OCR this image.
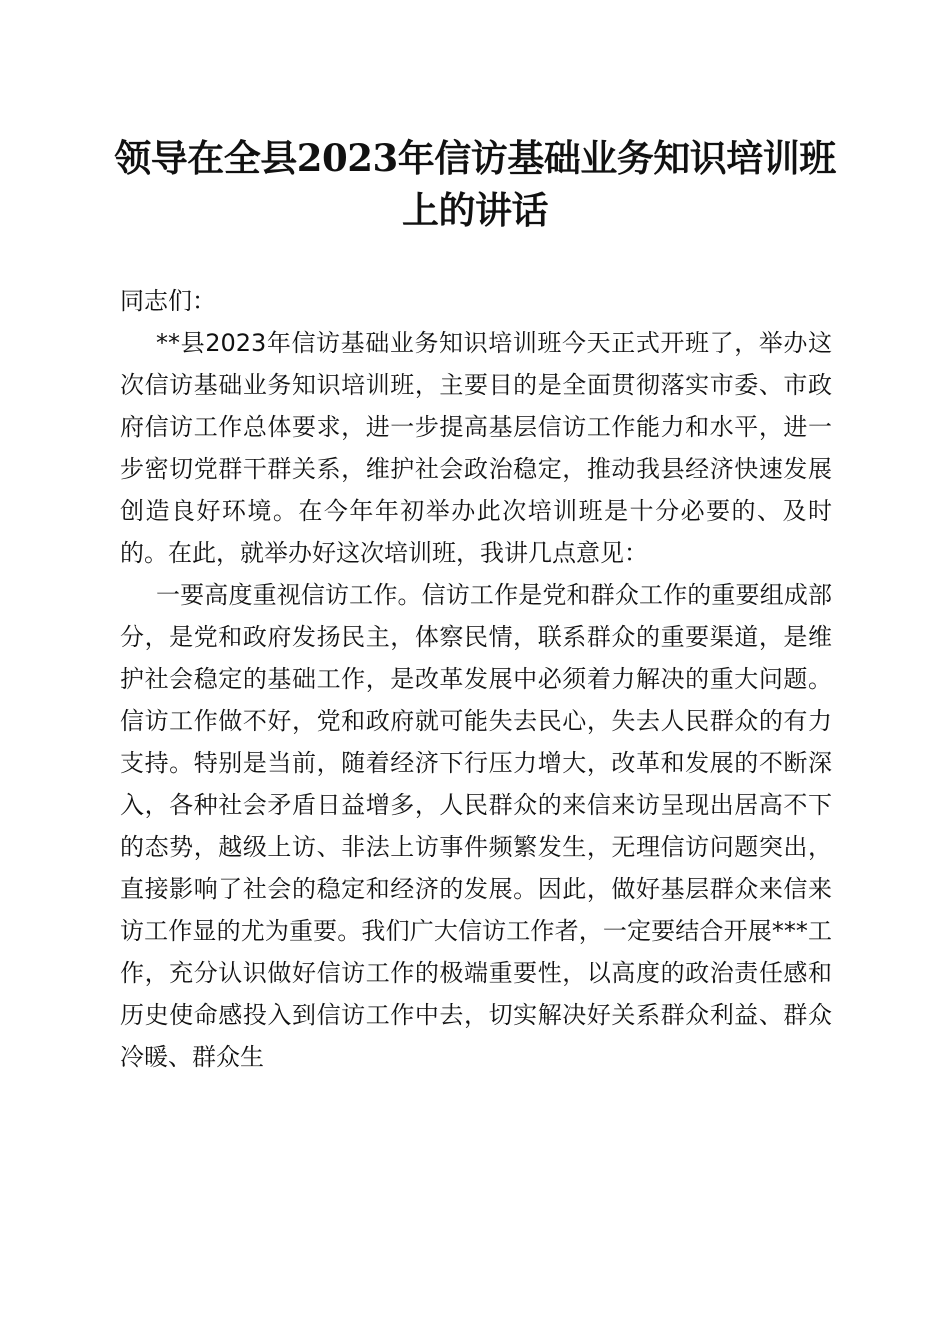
领导在全县2023年信访基础业务知识培训班
上的讲话

同志们：

**县2023年信访基础业务知识培训班今天正式开班了，举办这次信访基础业务知识培训班，主要目的是全面贯彻落实市委、市政府信访工作总体要求，进一步提高基层信访工作能力和水平，进一步密切党群干群关系，维护社会政治稳定，推动我县经济快速发展创造良好环境。在今年年初举办此次培训班是十分必要的、及时的。在此，就举办好这次培训班，我讲几点意见：

一要高度重视信访工作。信访工作是党和群众工作的重要组成部分，是党和政府发扬民主，体察民情，联系群众的重要渠道，是维护社会稳定的基础工作，是改革发展中必须着力解决的重大问题。信访工作做不好，党和政府就可能失去民心，失去人民群众的有力支持。特别是当前，随着经济下行压力增大，改革和发展的不断深入，各种社会矛盾日益增多，人民群众的来信来访呈现出居高不下的态势，越级上访、非法上访事件频繁发生，无理信访问题突出，直接影响了社会的稳定和经济的发展。因此，做好基层群众来信来访工作显的尤为重要。我们广大信访工作者，一定要结合开展***工作，充分认识做好信访工作的极端重要性，以高度的政治责任感和历史使命感投入到信访工作中去，切实解决好关系群众利益、群众冷暖、群众生
